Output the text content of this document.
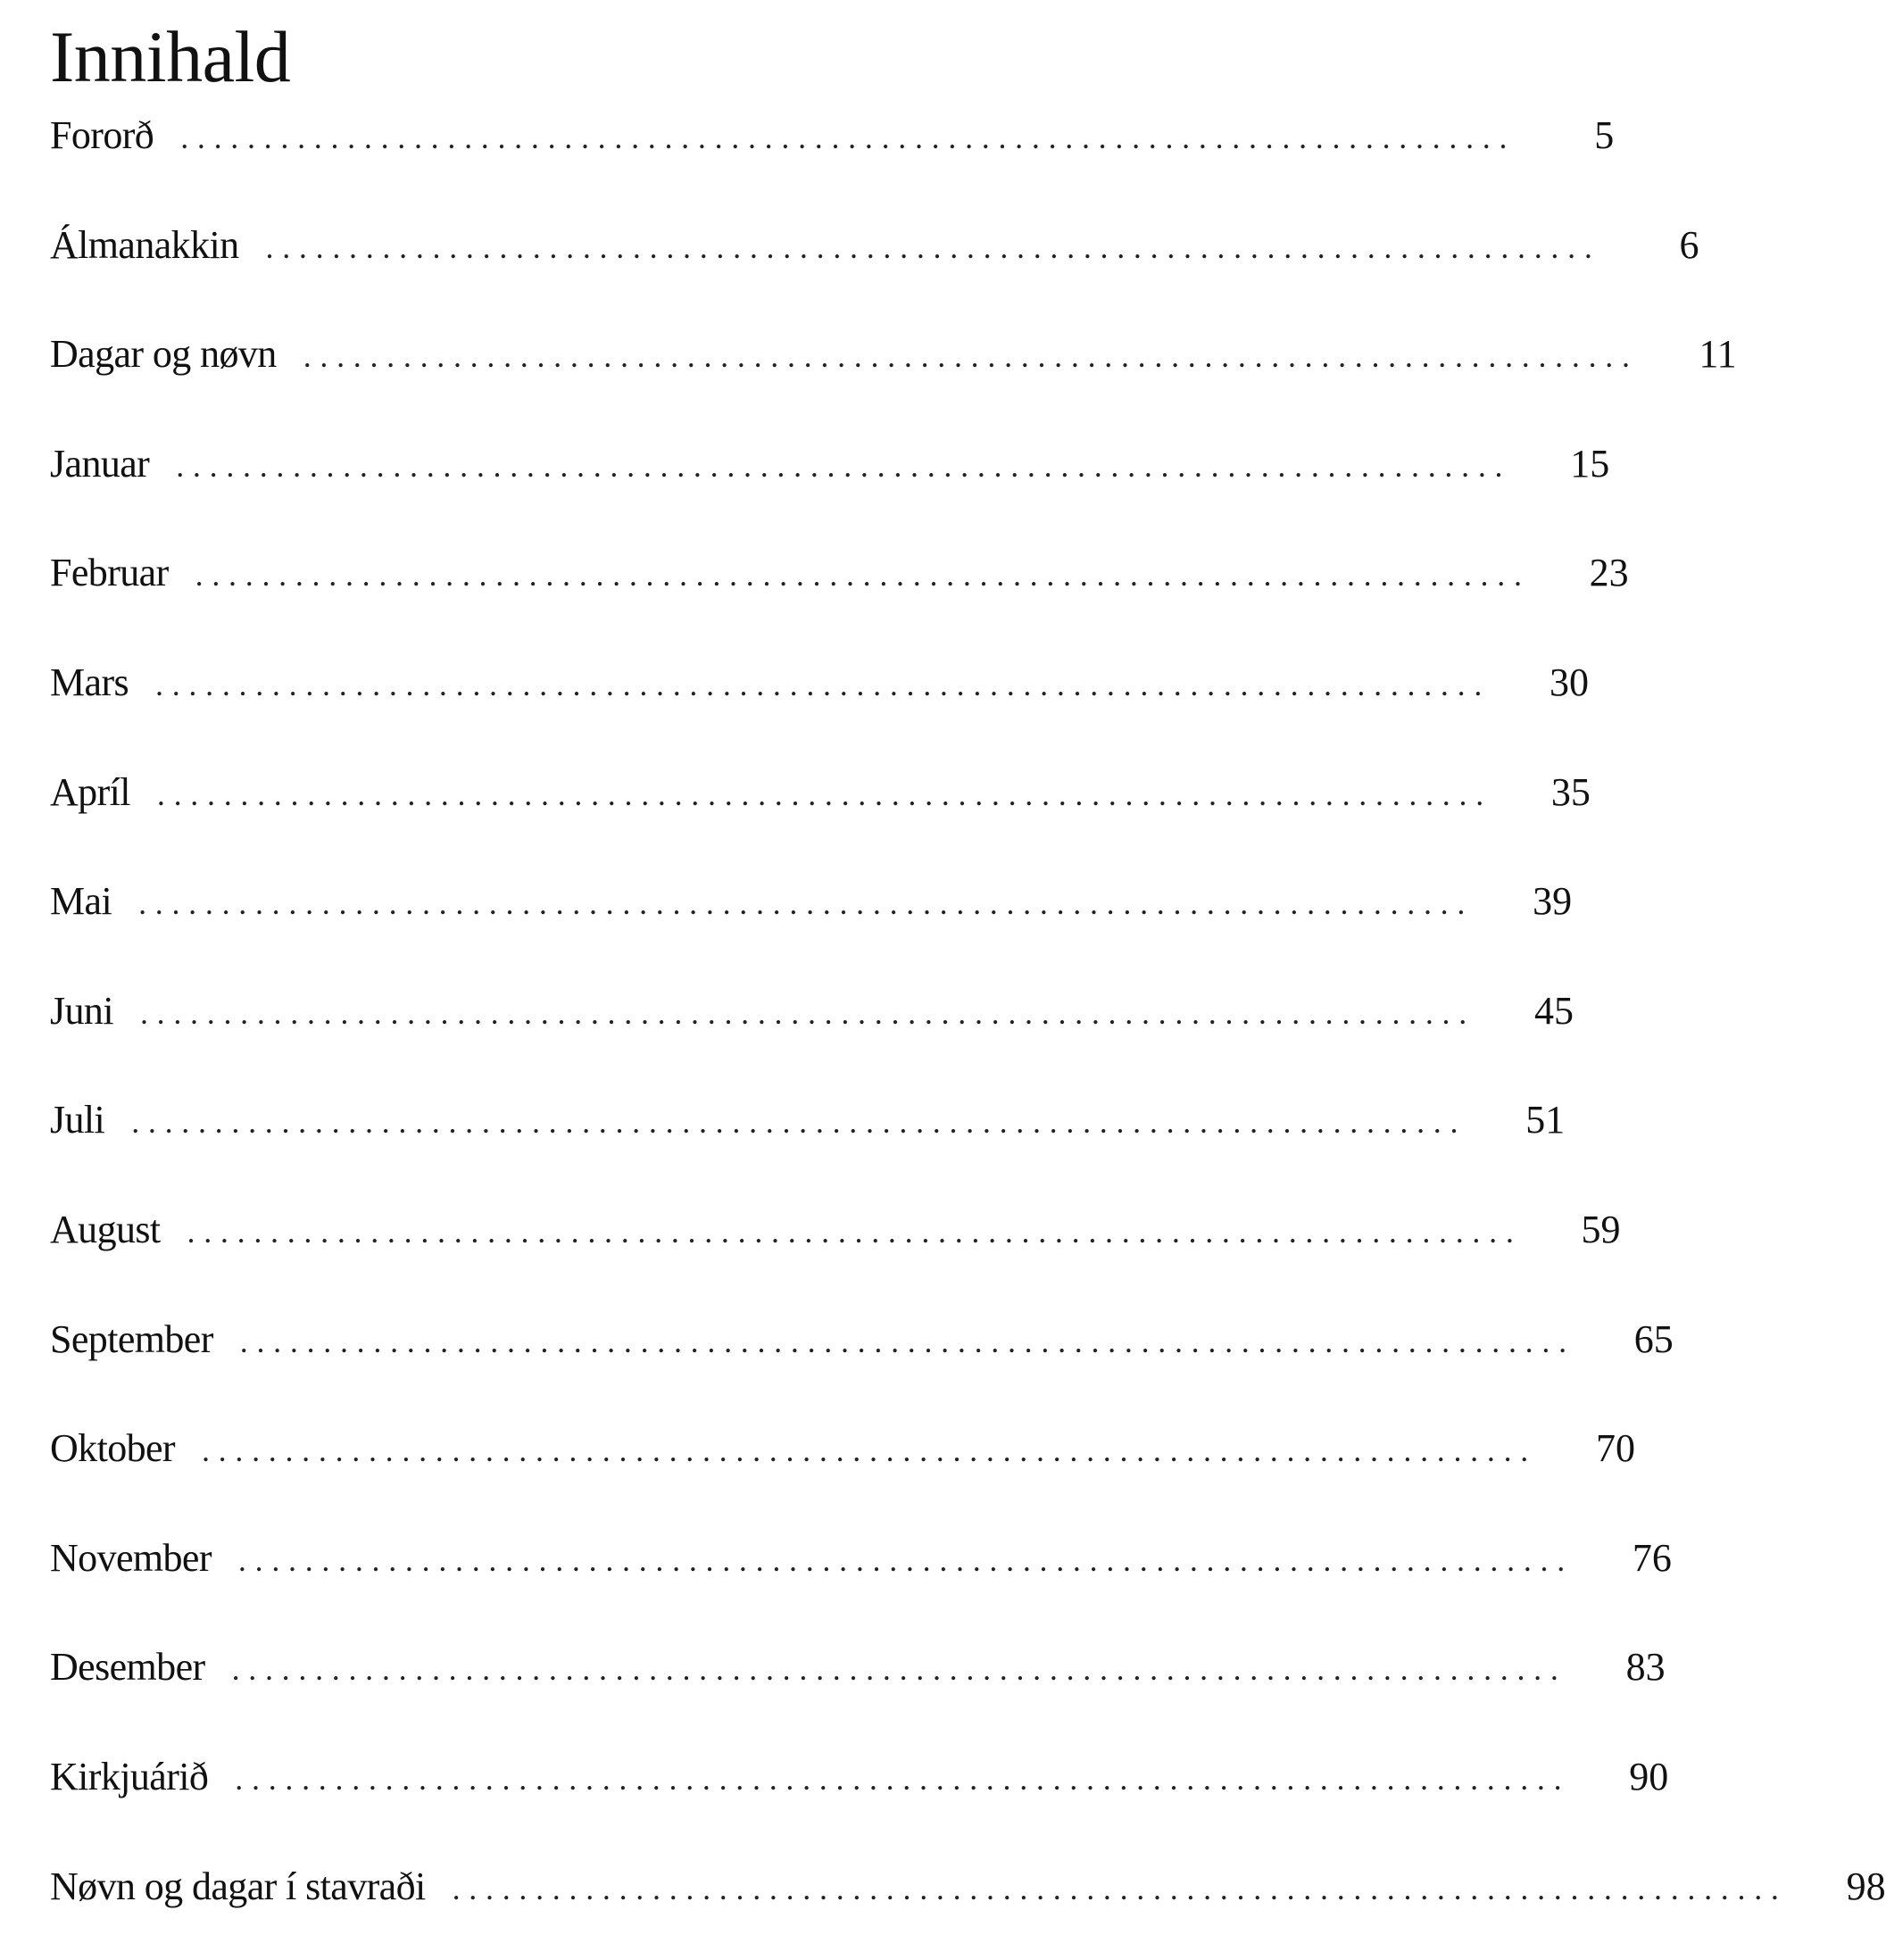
Innihald
Fororð ................................................................................	5
Álmanakkin ................................................................................	6
Dagar og nøvn ................................................................................	11
Januar ................................................................................	15
Februar ................................................................................	23
Mars ................................................................................	30
Apríl ................................................................................	35
Mai ................................................................................	39
Juni ................................................................................	45
Juli ................................................................................	51
August ................................................................................	59
September ................................................................................	65
Oktober ................................................................................	70
November ................................................................................	76
Desember ................................................................................	83
Kirkjuárið ................................................................................	90
Nøvn og dagar í stavraði ................................................................................	98
